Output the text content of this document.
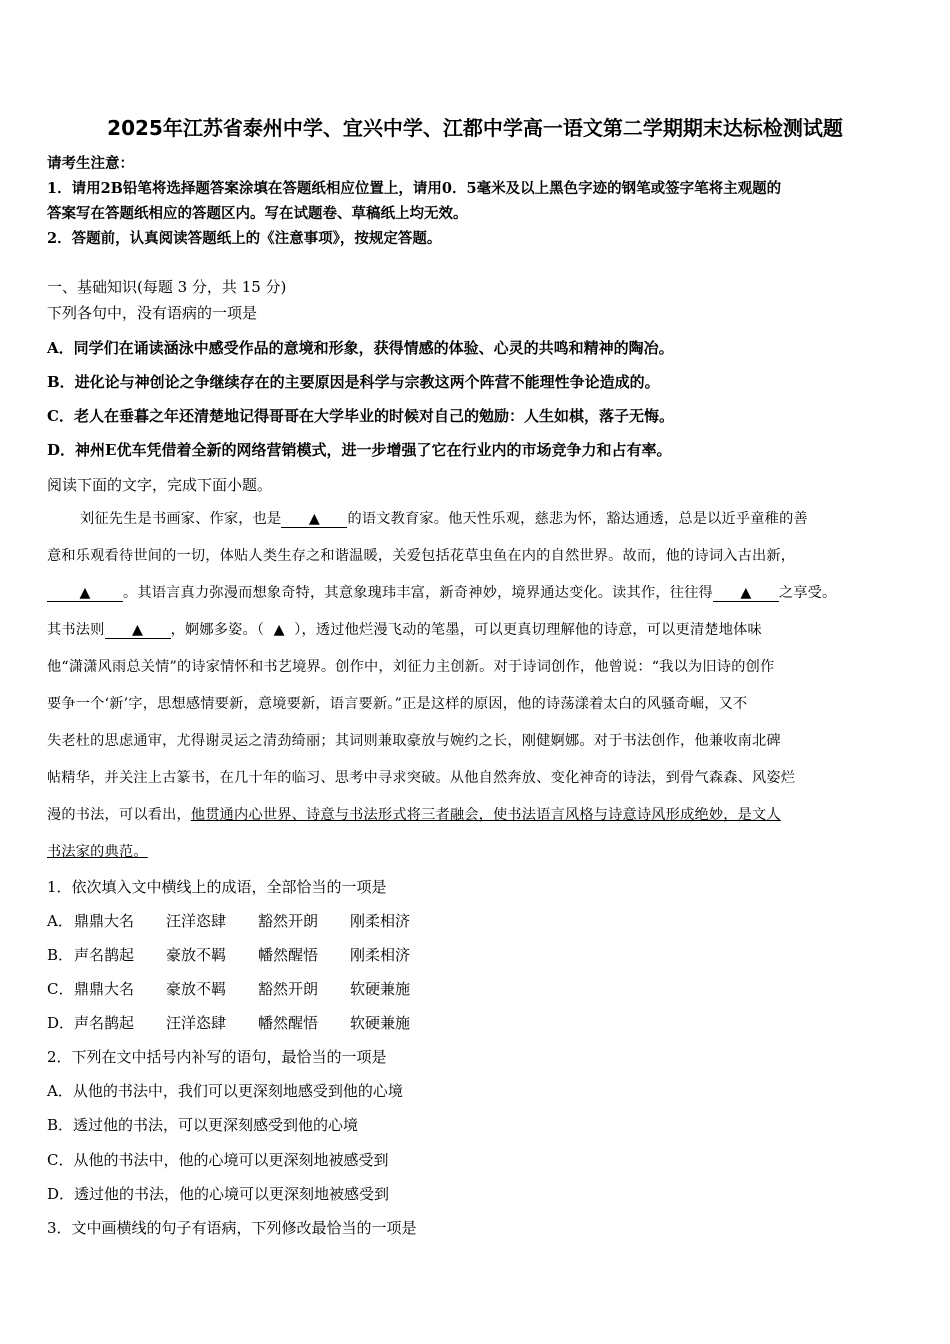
2025年江苏省泰州中学、宜兴中学、江都中学高一语文第二学期期末达标检测试题
请考生注意：
1．请用2B铅笔将选择题答案涂填在答题纸相应位置上，请用0．5毫米及以上黑色字迹的钢笔或签字笔将主观题的
答案写在答题纸相应的答题区内。写在试题卷、草稿纸上均无效。
2．答题前，认真阅读答题纸上的《注意事项》，按规定答题。
一、基础知识(每题 3 分，共 15 分)
下列各句中，没有语病的一项是
A．同学们在诵读涵泳中感受作品的意境和形象，获得情感的体验、心灵的共鸣和精神的陶冶。
B．进化论与神创论之争继续存在的主要原因是科学与宗教这两个阵营不能理性争论造成的。
C．老人在垂暮之年还清楚地记得哥哥在大学毕业的时候对自己的勉励：人生如棋，落子无悔。
D．神州E优车凭借着全新的网络营销模式，进一步增强了它在行业内的市场竞争力和占有率。
阅读下面的文字，完成下面小题。
刘征先生是书画家、作家，也是 ▲ 的语文教育家。他天性乐观，慈悲为怀，豁达通透，总是以近乎童稚的善
意和乐观看待世间的一切，体贴人类生存之和谐温暖，关爱包括花草虫鱼在内的自然世界。故而，他的诗词入古出新，
▲ 。其语言真力弥漫而想象奇特，其意象瑰玮丰富，新奇神妙，境界通达变化。读其作，往往得 ▲ 之享受。
其书法则 ▲ ，婀娜多姿。（ ▲ ），透过他烂漫飞动的笔墨，可以更真切理解他的诗意，可以更清楚地体味
他“潇潇风雨总关情”的诗家情怀和书艺境界。创作中，刘征力主创新。对于诗词创作，他曾说：“我以为旧诗的创作
要争一个‘新’字，思想感情要新，意境要新，语言要新。”正是这样的原因，他的诗荡漾着太白的风骚奇崛，又不
失老杜的思虑通审，尤得谢灵运之清劲绮丽；其词则兼取豪放与婉约之长，刚健婀娜。对于书法创作，他兼收南北碑
帖精华，并关注上古篆书，在几十年的临习、思考中寻求突破。从他自然奔放、变化神奇的诗法，到骨气森森、风姿烂
漫的书法，可以看出，他贯通内心世界、诗意与书法形式将三者融会，使书法语言风格与诗意诗风形成绝妙，是文人
书法家的典范。
1．依次填入文中横线上的成语，全部恰当的一项是
A．鼎鼎大名 汪洋恣肆 豁然开朗 刚柔相济
B．声名鹊起 豪放不羁 幡然醒悟 刚柔相济
C．鼎鼎大名 豪放不羁 豁然开朗 软硬兼施
D．声名鹊起 汪洋恣肆 幡然醒悟 软硬兼施
2．下列在文中括号内补写的语句，最恰当的一项是
A．从他的书法中，我们可以更深刻地感受到他的心境
B．透过他的书法，可以更深刻感受到他的心境
C．从他的书法中，他的心境可以更深刻地被感受到
D．透过他的书法，他的心境可以更深刻地被感受到
3．文中画横线的句子有语病，下列修改最恰当的一项是
